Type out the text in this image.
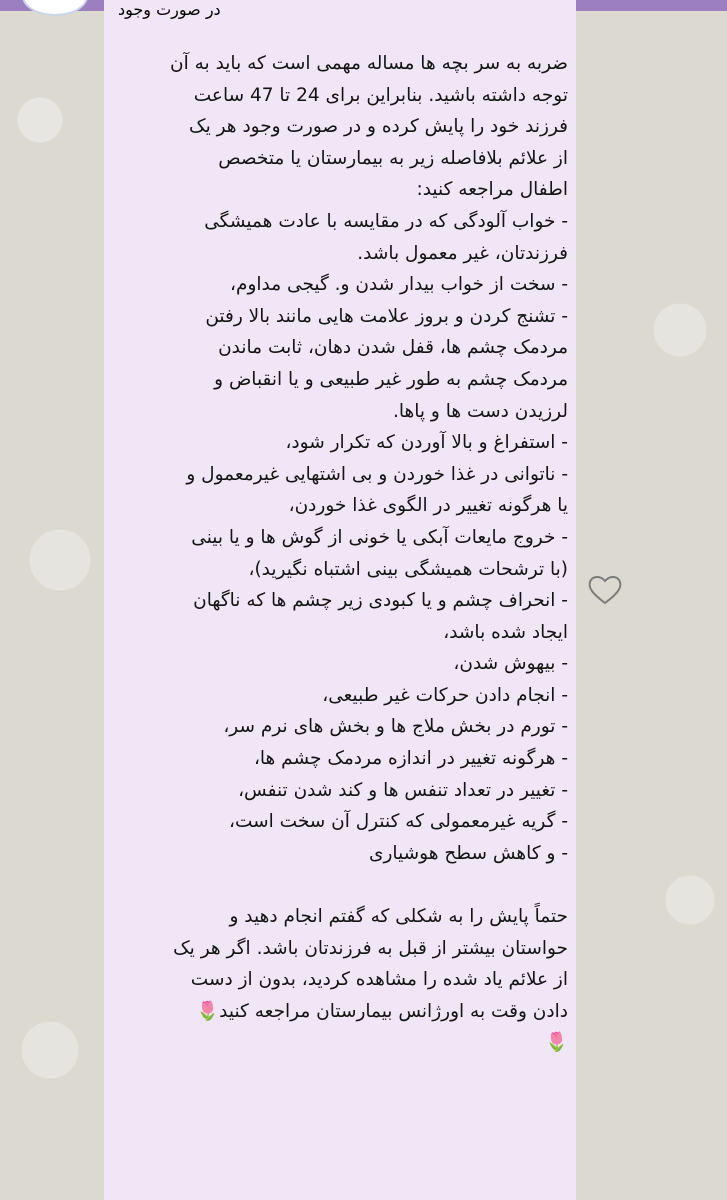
در صورت وجود
ضربه به سر بچه ها مساله مهمی است که باید به آن
توجه داشته باشید. بنابراین برای 24 تا 47 ساعت
فرزند خود را پایش کرده و در صورت وجود هر یک
از علائم بلافاصله زیر به بیمارستان یا متخصص
اطفال مراجعه کنید:
- خواب آلودگی که در مقایسه با عادت همیشگی
فرزندتان، غیر معمول باشد.
- سخت از خواب بیدار شدن و. گیجی مداوم،
- تشنج کردن و بروز علامت هایی مانند بالا رفتن
مردمک چشم ها، قفل شدن دهان، ثابت ماندن
مردمک چشم به طور غیر طبیعی و یا انقباض و
لرزیدن دست ها و پاها.
- استفراغ و بالا آوردن که تکرار شود،
- ناتوانی در غذا خوردن و بی اشتهایی غیرمعمول و
یا هرگونه تغییر در الگوی غذا خوردن،
- خروج مایعات آبکی یا خونی از گوش ها و یا بینی
(با ترشحات همیشگی بینی اشتباه نگیرید)،
- انحراف چشم و یا کبودی زیر چشم ها که ناگهان
ایجاد شده باشد،
- بیهوش شدن،
- انجام دادن حرکات غیر طبیعی،
- تورم در بخش ملاج ها و بخش های نرم سر،
- هرگونه تغییر در اندازه مردمک چشم ها،
- تغییر در تعداد تنفس ها و کند شدن تنفس،
- گریه غیرمعمولی که کنترل آن سخت است،
- و کاهش سطح هوشیاری
حتماً پایش را به شکلی که گفتم انجام دهید و
حواستان بیشتر از قبل به فرزندتان باشد. اگر هر یک
از علائم یاد شده را مشاهده کردید، بدون از دست
دادن وقت به اورژانس بیمارستان مراجعه کنید🌷
🌷
